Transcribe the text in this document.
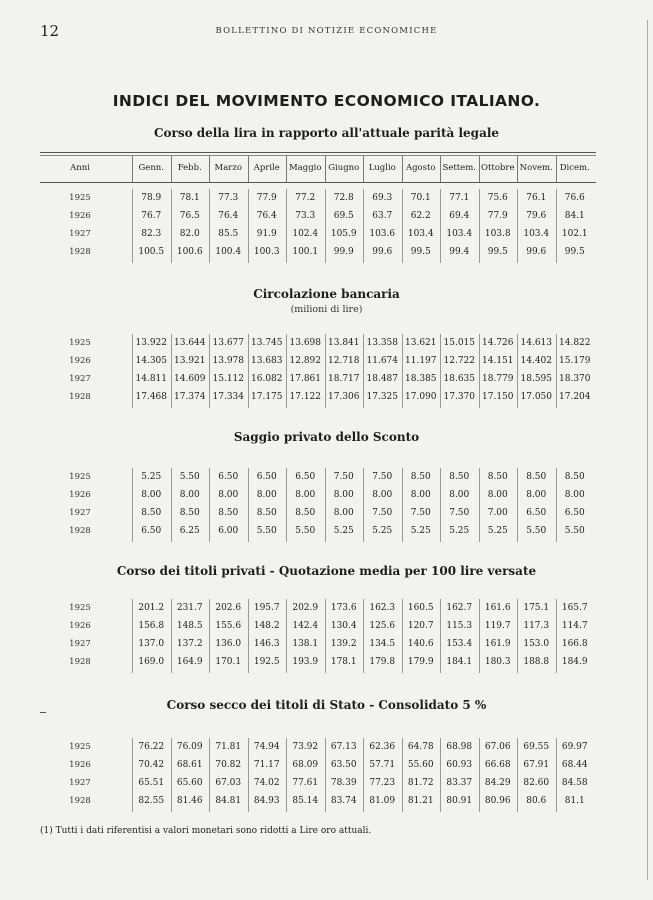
12	BOLLETTINO DI NOTIZIE ECONOMICHE
INDICI DEL MOVIMENTO ECONOMICO ITALIANO.
Anni	Genn.	Febb.	Marzo	Aprile	Maggio Giugno	Luglio	Agosto Settem. Ottobre Novem. Dicem.
Corso della lira in rapporto all'attuale parità legale
1925	78.9	78.1	77.3	77.9	77.2	72.8	69.3	70.1	77.1	75.6	76.1	76.6
1926	76.7	76.5	76.4	76.4	73.3	69.5	63.7	62.2	69.4	77.9	79.6	84.1
1927	82.3	82.0	85.5	91.9	102.4	105.9	103.6	103.4	103.4	103.8	103.4	102.1
1928	100.5	100.6	100.4	100.3	100.1	99.9	99.6	99.5	99.4	99.5	99.6	99.5
Circolazione bancaria
(milioni di lire)
1925	13.922 13.644 13.677 13.745 13.698 13.841 13.358 13.621 15.015 14.726 14.613 14.822
1926	14.305 13.921 13.978 13.683 12.892 12.718 11.674 11.197 12.722 14.151 14.402 15.179
1927	14.811 14.609 15.112 16.082 17.861 18.717 18.487 18.385 18.635 18.779 18.595 18.370
1928	17.468 17.374 17.334 17.175 17.122 17.306 17.325 17.090 17.370 17.150 17.050 17.204
Saggio privato dello Sconto
1925	5.25	5.50	6.50	6.50	6.50	7.50	7.50	8.50	8.50	8.50	8.50	8.50
1926	8.00	8.00	8.00	8.00	8.00	8.00	8.00	8.00	8.00	8.00	8.00	8.00
1927	8.50	8.50	8.50	8.50	8.50	8.00	7.50	7.50	7.50	7.00	6.50	6.50
1928	6.50	6.25	6.00	5.50	5.50	5.25	5.25	5.25	5.25	5.25	5.50	5.50
Corso dei titoli privati - Quotazione media per 100 lire versate
1925	201.2	231.7	202.6	195.7	202.9	173.6	162.3	160.5	162.7	161.6	175.1	165.7
1926	156.8	148.5	155.6	148.2	142.4	130.4	125.6	120.7	115.3	119.7	117.3	114.7
1927	137.0	137.2	136.0	146.3	138.1	139.2	134.5	140.6	153.4	161.9	153.0	166.8
1928	169.0	164.9	170.1	192.5	193.9	178.1	179.8	179.9	184.1	180.3	188.8	184.9
Corso secco dei titoli di Stato - Consolidato 5 %
1925	76.22	76.09	71.81	74.94	73.92	67.13	62.36	64.78	68.98	67.06	69.55	69.97
1926	70.42	68.61	70.82	71.17	68.09	63.50	57.71	55.60	60.93	66.68	67.91	68.44
1927	65.51	65.60	67.03	74.02	77.61	78.39	77.23	81.72	83.37	84.29	82.60	84.58
1928	82.55	81.46	84.81	84.93	85.14	83.74	81.09	81.21	80.91	80.96	80.6	81.1
(1) Tutti i dati riferentisi a valori monetari sono ridotti a Lire oro attuali.
